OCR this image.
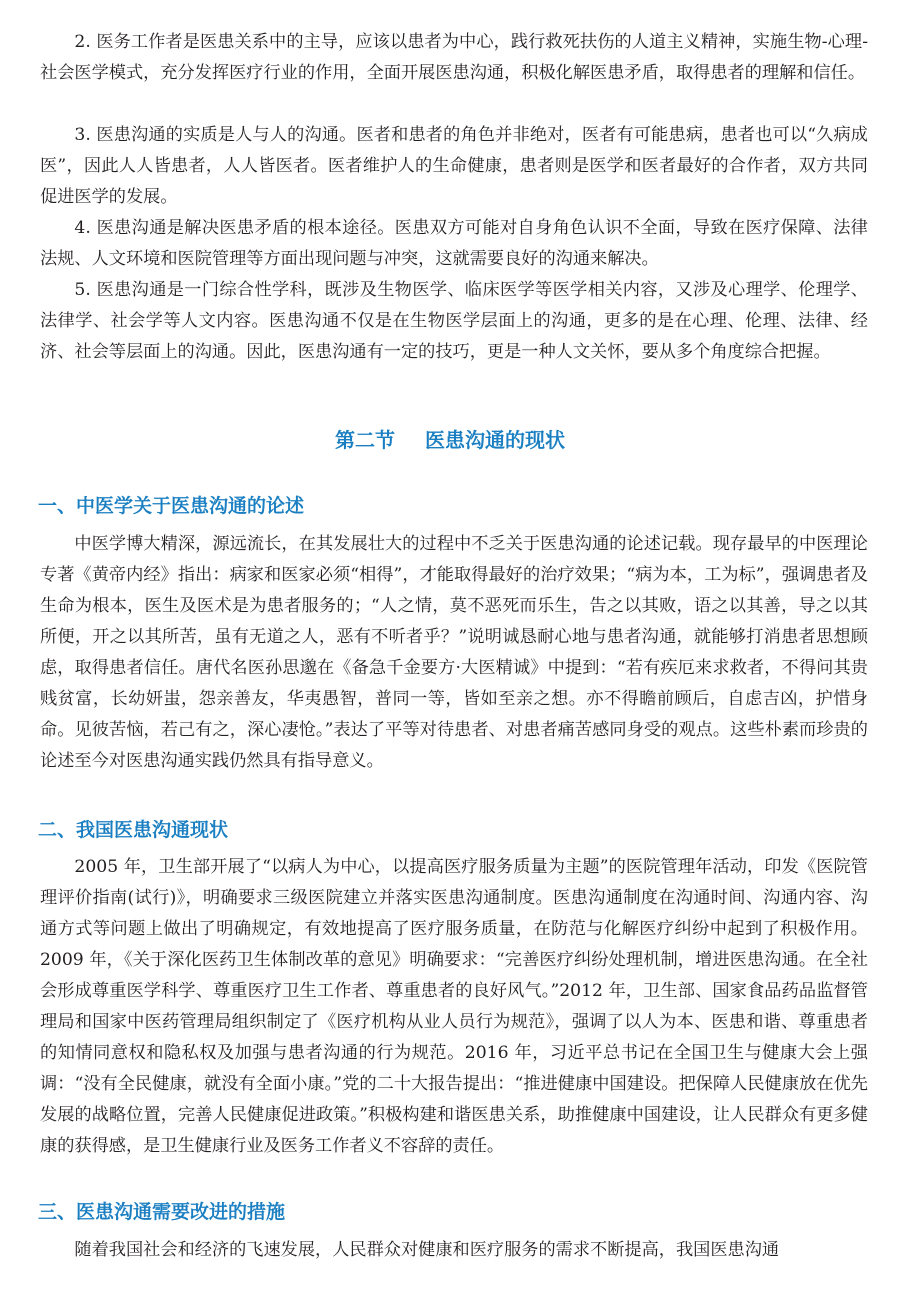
2. 医务工作者是医患关系中的主导，应该以患者为中心，践行救死扶伤的人道主义精神，实施生物-心理-社会医学模式，充分发挥医疗行业的作用，全面开展医患沟通，积极化解医患矛盾，取得患者的理解和信任。

3. 医患沟通的实质是人与人的沟通。医者和患者的角色并非绝对，医者有可能患病，患者也可以“久病成医”，因此人人皆患者，人人皆医者。医者维护人的生命健康，患者则是医学和医者最好的合作者，双方共同促进医学的发展。

4. 医患沟通是解决医患矛盾的根本途径。医患双方可能对自身角色认识不全面，导致在医疗保障、法律法规、人文环境和医院管理等方面出现问题与冲突，这就需要良好的沟通来解决。

5. 医患沟通是一门综合性学科，既涉及生物医学、临床医学等医学相关内容，又涉及心理学、伦理学、法律学、社会学等人文内容。医患沟通不仅是在生物医学层面上的沟通，更多的是在心理、伦理、法律、经济、社会等层面上的沟通。因此，医患沟通有一定的技巧，更是一种人文关怀，要从多个角度综合把握。

第二节 医患沟通的现状
一、中医学关于医患沟通的论述

中医学博大精深，源远流长，在其发展壮大的过程中不乏关于医患沟通的论述记载。现存最早的中医理论专著《黄帝内经》指出：病家和医家必须“相得”，才能取得最好的治疗效果；“病为本，工为标”，强调患者及生命为根本，医生及医术是为患者服务的；“人之情，莫不恶死而乐生，告之以其败，语之以其善，导之以其所便，开之以其所苦，虽有无道之人，恶有不听者乎？”说明诚恳耐心地与患者沟通，就能够打消患者思想顾虑，取得患者信任。唐代名医孙思邈在《备急千金要方·大医精诚》中提到：“若有疾厄来求救者，不得问其贵贱贫富，长幼妍蚩，怨亲善友，华夷愚智，普同一等，皆如至亲之想。亦不得瞻前顾后，自虑吉凶，护惜身命。见彼苦恼，若己有之，深心凄怆。”表达了平等对待患者、对患者痛苦感同身受的观点。这些朴素而珍贵的论述至今对医患沟通实践仍然具有指导意义。

二、我国医患沟通现状

2005 年，卫生部开展了“以病人为中心，以提高医疗服务质量为主题”的医院管理年活动，印发《医院管理评价指南(试行)》，明确要求三级医院建立并落实医患沟通制度。医患沟通制度在沟通时间、沟通内容、沟通方式等问题上做出了明确规定，有效地提高了医疗服务质量，在防范与化解医疗纠纷中起到了积极作用。2009 年，《关于深化医药卫生体制改革的意见》明确要求：“完善医疗纠纷处理机制，增进医患沟通。在全社会形成尊重医学科学、尊重医疗卫生工作者、尊重患者的良好风气。”2012 年，卫生部、国家食品药品监督管理局和国家中医药管理局组织制定了《医疗机构从业人员行为规范》，强调了以人为本、医患和谐、尊重患者的知情同意权和隐私权及加强与患者沟通的行为规范。2016 年，习近平总书记在全国卫生与健康大会上强调：“没有全民健康，就没有全面小康。”党的二十大报告提出：“推进健康中国建设。把保障人民健康放在优先发展的战略位置，完善人民健康促进政策。”积极构建和谐医患关系，助推健康中国建设，让人民群众有更多健康的获得感，是卫生健康行业及医务工作者义不容辞的责任。

三、医患沟通需要改进的措施

随着我国社会和经济的飞速发展，人民群众对健康和医疗服务的需求不断提高，我国医患沟通
